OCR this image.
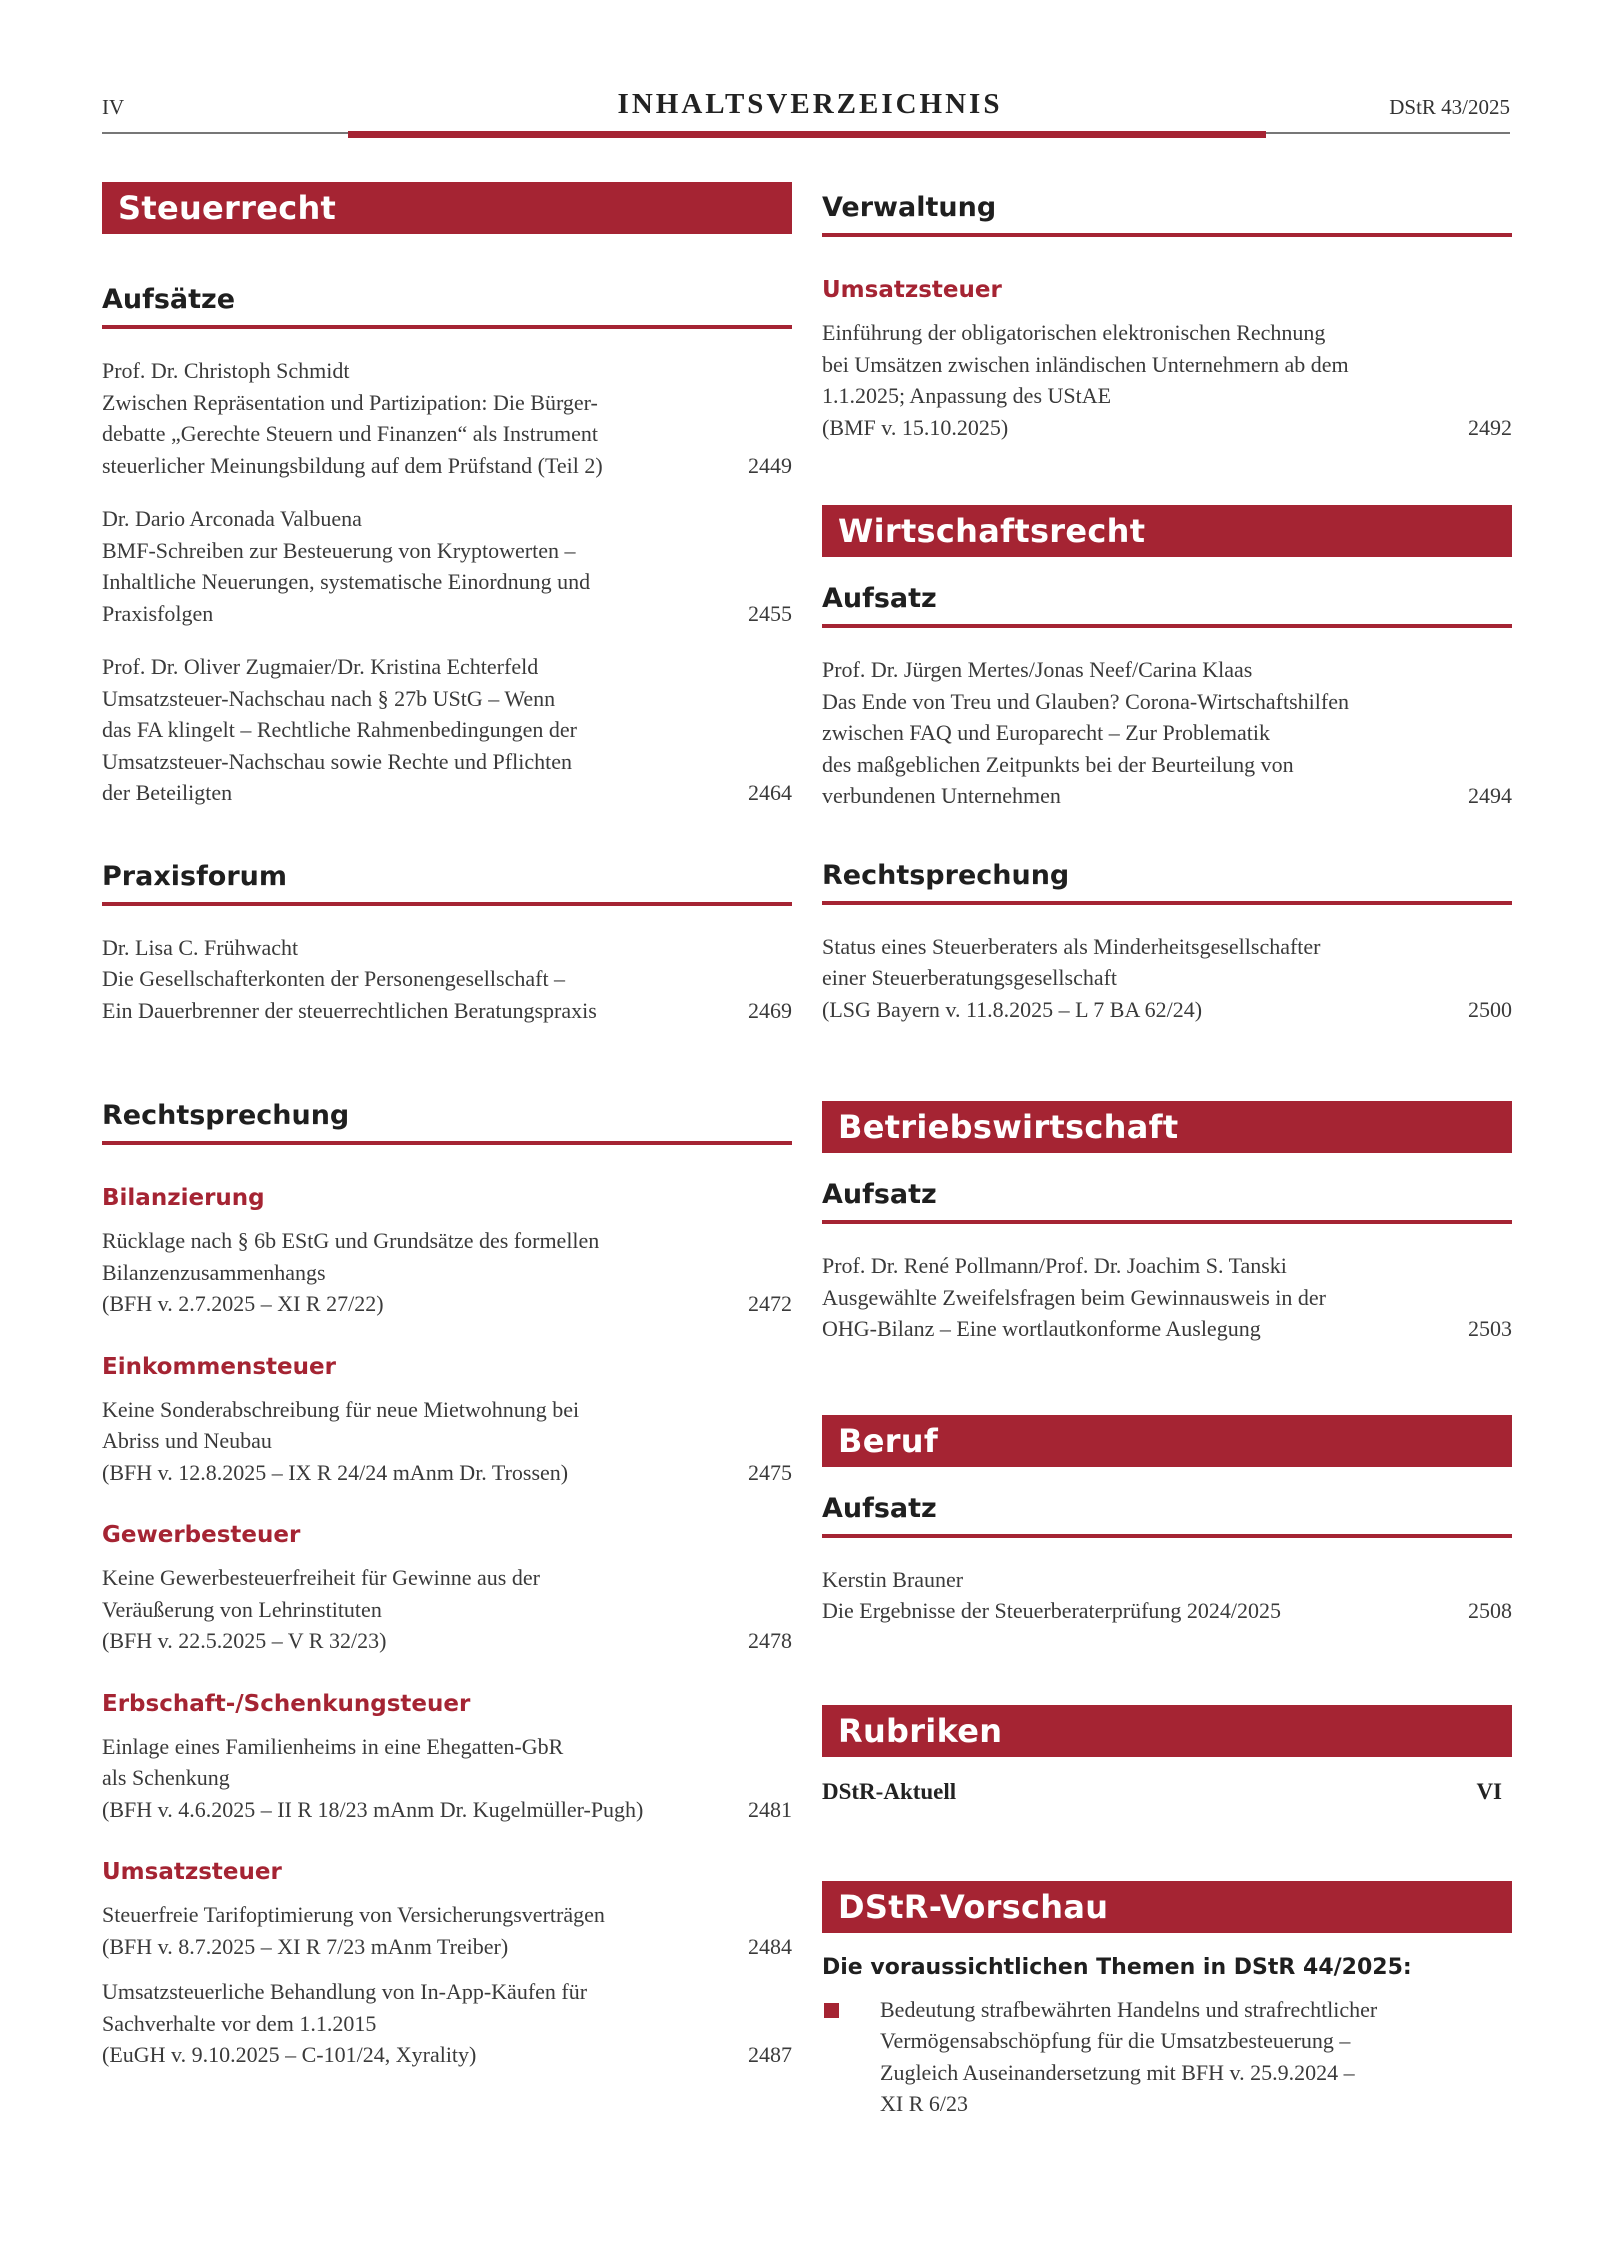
IV	INHALTSVERZEICHNIS	DStR 43/2025
Steuerrecht
Aufsätze
Prof. Dr. Christoph Schmidt
Zwischen Repräsentation und Partizipation: Die Bürger-
debatte „Gerechte Steuern und Finanzen“ als Instrument
steuerlicher Meinungsbildung auf dem Prüfstand (Teil 2)	2449
Dr. Dario Arconada Valbuena
BMF-Schreiben zur Besteuerung von Kryptowerten –
Inhaltliche Neuerungen, systematische Einordnung und
Praxisfolgen	2455
Prof. Dr. Oliver Zugmaier/Dr. Kristina Echterfeld
Umsatzsteuer-Nachschau nach § 27b UStG – Wenn
das FA klingelt – Rechtliche Rahmenbedingungen der
Umsatzsteuer-Nachschau sowie Rechte und Pflichten
der Beteiligten	2464
Praxisforum
Dr. Lisa C. Frühwacht
Die Gesellschafterkonten der Personengesellschaft –
Ein Dauerbrenner der steuerrechtlichen Beratungspraxis	2469
Rechtsprechung
Bilanzierung
Rücklage nach § 6b EStG und Grundsätze des formellen
Bilanzenzusammenhangs
(BFH v. 2.7.2025 – XI R 27/22)	2472
Einkommensteuer
Keine Sonderabschreibung für neue Mietwohnung bei
Abriss und Neubau
(BFH v. 12.8.2025 – IX R 24/24 mAnm Dr. Trossen)	2475
Gewerbesteuer
Keine Gewerbesteuerfreiheit für Gewinne aus der
Veräußerung von Lehrinstituten
(BFH v. 22.5.2025 – V R 32/23)	2478
Erbschaft-/Schenkungsteuer
Einlage eines Familienheims in eine Ehegatten-GbR
als Schenkung
(BFH v. 4.6.2025 – II R 18/23 mAnm Dr. Kugelmüller-Pugh)	2481
Umsatzsteuer
Steuerfreie Tarifoptimierung von Versicherungsverträgen
(BFH v. 8.7.2025 – XI R 7/23 mAnm Treiber)	2484
Umsatzsteuerliche Behandlung von In-App-Käufen für
Sachverhalte vor dem 1.1.2015
(EuGH v. 9.10.2025 – C-101/24, Xyrality)	2487
Verwaltung
Umsatzsteuer
Einführung der obligatorischen elektronischen Rechnung
bei Umsätzen zwischen inländischen Unternehmern ab dem
1.1.2025; Anpassung des UStAE
(BMF v. 15.10.2025)	2492
Wirtschaftsrecht
Aufsatz
Prof. Dr. Jürgen Mertes/Jonas Neef/Carina Klaas
Das Ende von Treu und Glauben? Corona-Wirtschaftshilfen
zwischen FAQ und Europarecht – Zur Problematik
des maßgeblichen Zeitpunkts bei der Beurteilung von
verbundenen Unternehmen	2494
Rechtsprechung
Status eines Steuerberaters als Minderheitsgesellschafter
einer Steuerberatungsgesellschaft
(LSG Bayern v. 11.8.2025 – L 7 BA 62/24)	2500
Betriebswirtschaft
Aufsatz
Prof. Dr. René Pollmann/Prof. Dr. Joachim S. Tanski
Ausgewählte Zweifelsfragen beim Gewinnausweis in der
OHG-Bilanz – Eine wortlautkonforme Auslegung	2503
Beruf
Aufsatz
Kerstin Brauner
Die Ergebnisse der Steuerberaterprüfung 2024/2025	2508
Rubriken
DStR-Aktuell	VI
DStR-Vorschau
Die voraussichtlichen Themen in DStR 44/2025:
Bedeutung strafbewährten Handelns und strafrechtlicher
Vermögensabschöpfung für die Umsatzbesteuerung –
Zugleich Auseinandersetzung mit BFH v. 25.9.2024 –
XI R 6/23
